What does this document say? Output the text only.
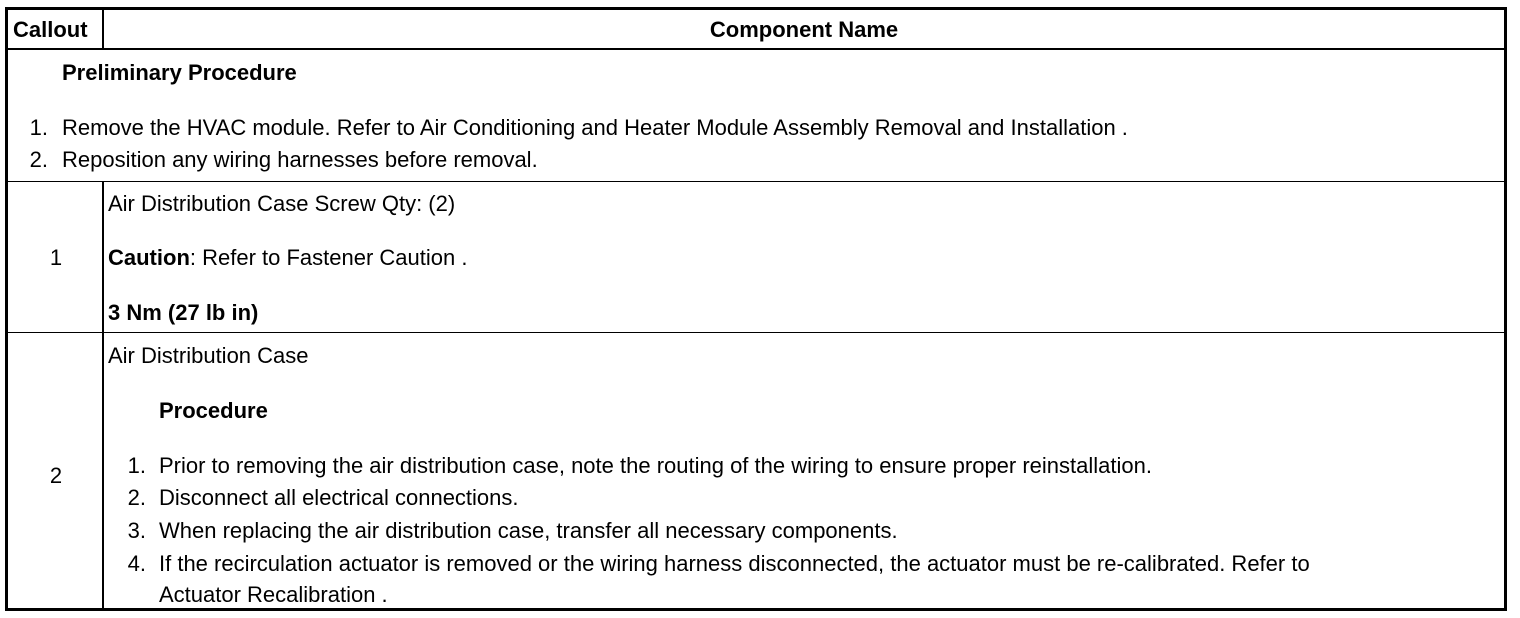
Callout	Component Name
Preliminary Procedure
1. Remove the HVAC module. Refer to Air Conditioning and Heater Module Assembly Removal and Installation .
2. Reposition any wiring harnesses before removal.
1
Air Distribution Case Screw Qty: (2)
Caution: Refer to Fastener Caution .
3 Nm (27 lb in)
2
Air Distribution Case
Procedure
1. Prior to removing the air distribution case, note the routing of the wiring to ensure proper reinstallation.
2. Disconnect all electrical connections.
3. When replacing the air distribution case, transfer all necessary components.
4. If the recirculation actuator is removed or the wiring harness disconnected, the actuator must be re-calibrated. Refer to
Actuator Recalibration .
